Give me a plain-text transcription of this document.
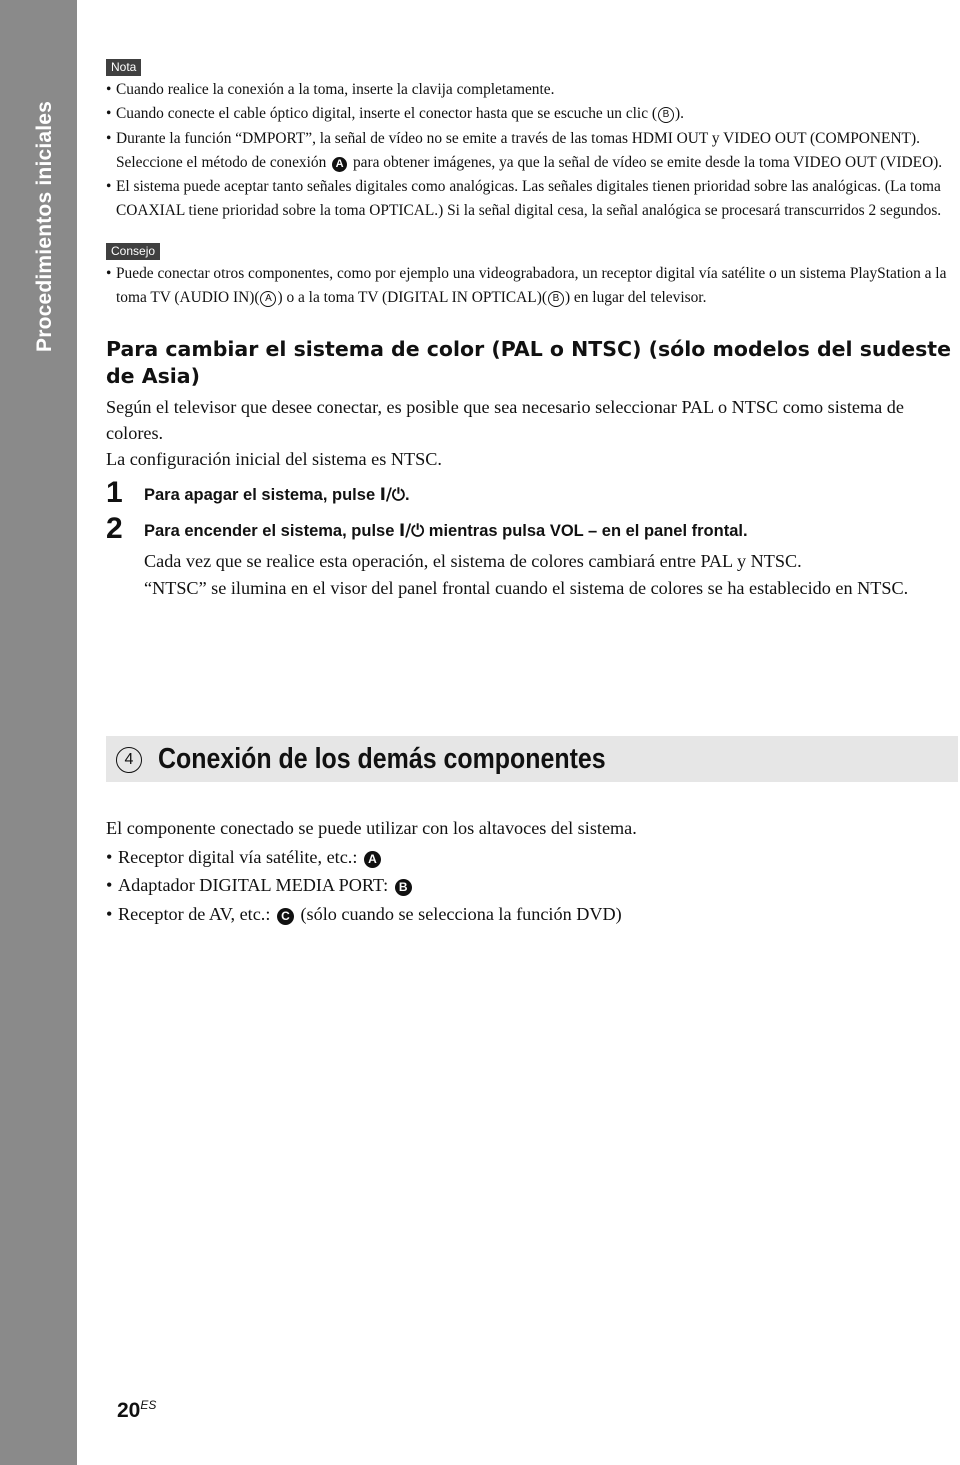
Procedimientos iniciales
Nota
• Cuando realice la conexión a la toma, inserte la clavija completamente.
• Cuando conecte el cable óptico digital, inserte el conector hasta que se escuche un clic ( B ).
• Durante la función “DMPORT”, la señal de vídeo no se emite a través de las tomas HDMI OUT y VIDEO OUT (COMPONENT). Seleccione el método de conexión A para obtener imágenes, ya que la señal de vídeo se emite desde la toma VIDEO OUT (VIDEO).
• El sistema puede aceptar tanto señales digitales como analógicas. Las señales digitales tienen prioridad sobre las analógicas. (La toma COAXIAL tiene prioridad sobre la toma OPTICAL.) Si la señal digital cesa, la señal analógica se procesará transcurridos 2 segundos.
Consejo
• Puede conectar otros componentes, como por ejemplo una videograbadora, un receptor digital vía satélite o un sistema PlayStation a la toma TV (AUDIO IN)( A ) o a la toma TV (DIGITAL IN OPTICAL)( B ) en lugar del televisor.
Para cambiar el sistema de color (PAL o NTSC) (sólo modelos del sudeste de Asia)

Según el televisor que desee conectar, es posible que sea necesario seleccionar PAL o NTSC como sistema de colores.

La configuración inicial del sistema es NTSC.

1 Para apagar el sistema, pulse I/⏻.
2 Para encender el sistema, pulse I/⏻ mientras pulsa VOL – en el panel frontal.
Cada vez que se realice esta operación, el sistema de colores cambiará entre PAL y NTSC.
“NTSC” se ilumina en el visor del panel frontal cuando el sistema de colores se ha establecido en NTSC.
4 Conexión de los demás componentes

El componente conectado se puede utilizar con los altavoces del sistema.

• Receptor digital vía satélite, etc.: A
• Adaptador DIGITAL MEDIA PORT: B
• Receptor de AV, etc.: C (sólo cuando se selecciona la función DVD)
$20^{ES}$
